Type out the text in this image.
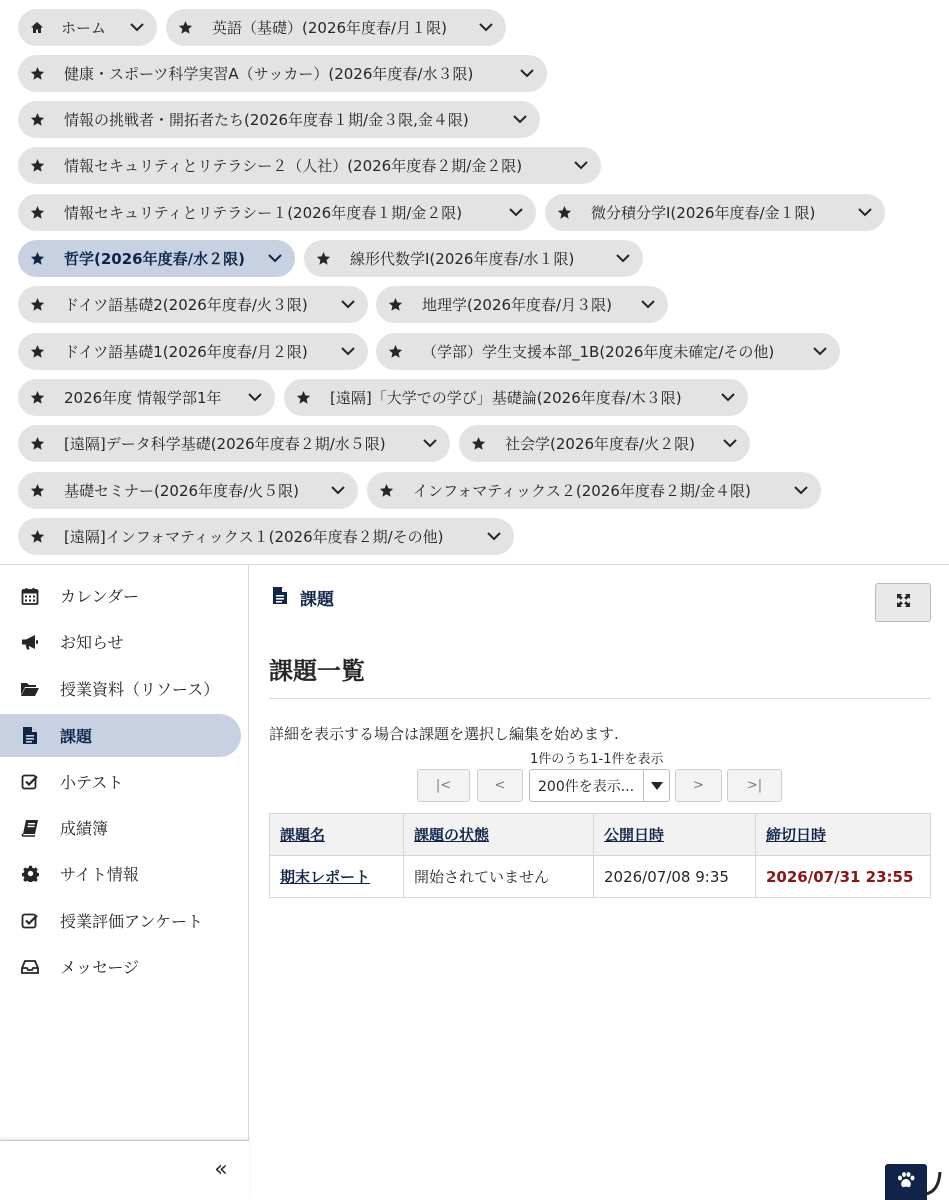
ホーム	英語（基礎）(2026年度春/月１限)
健康・スポーツ科学実習A（サッカー）(2026年度春/水３限)
情報の挑戦者・開拓者たち(2026年度春１期/金３限,金４限)
情報セキュリティとリテラシー２（人社）(2026年度春２期/金２限)
情報セキュリティとリテラシー１(2026年度春１期/金２限)	微分積分学Ⅰ(2026年度春/金１限)
哲学(2026年度春/水２限)	線形代数学Ⅰ(2026年度春/水１限)
ドイツ語基礎2(2026年度春/火３限)	地理学(2026年度春/月３限)
ドイツ語基礎1(2026年度春/月２限)	（学部）学生支援本部_1B(2026年度未確定/その他)
2026年度 情報学部1年	[遠隔]「大学での学び」基礎論(2026年度春/木３限)
[遠隔]データ科学基礎(2026年度春２期/水５限)	社会学(2026年度春/火２限)
基礎セミナー(2026年度春/火５限)	インフォマティックス２(2026年度春２期/金４限)
[遠隔]インフォマティックス１(2026年度春２期/その他)
カレンダー
お知らせ
授業資料（リソース）
課題
小テスト
成績簿
サイト情報
授業評価アンケート
メッセージ
«
課題
課題一覧

詳細を表示する場合は課題を選択し編集を始めます.

1件のうち1-1件を表示

|<	<	200件を表示...	>	>|
課題名	課題の状態	公開日時	締切日時
期末レポート	開始されていません	2026/07/08 9:35	2026/07/31 23:55
